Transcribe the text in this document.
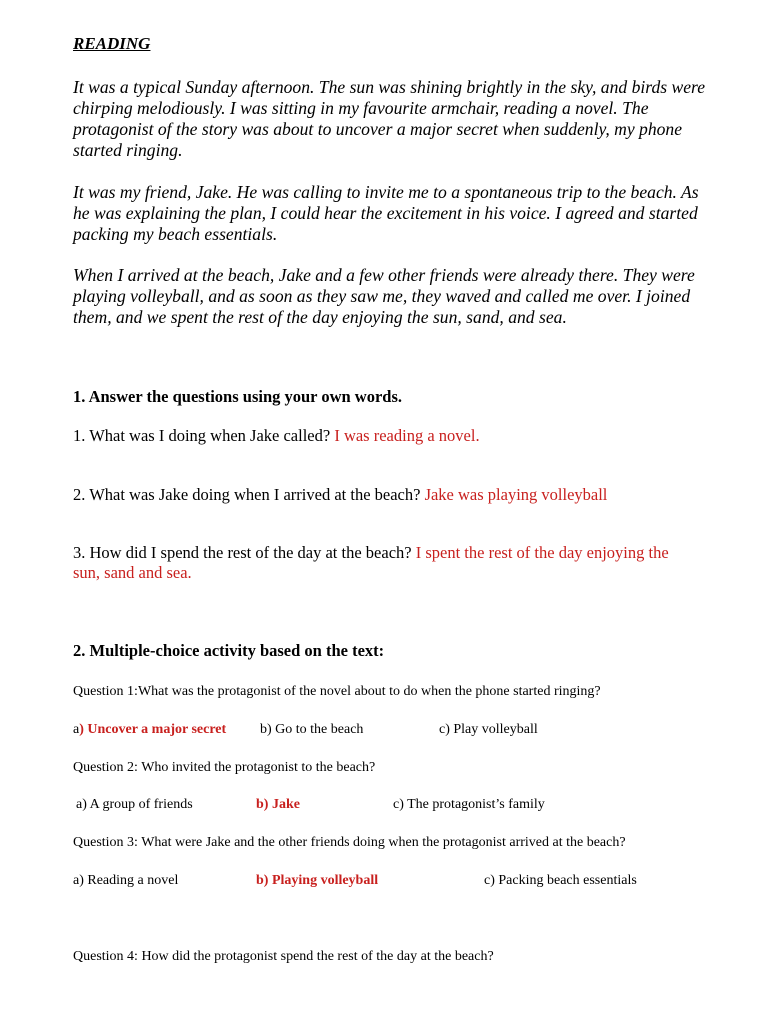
READING

It was a typical Sunday afternoon. The sun was shining brightly in the sky, and birds were chirping melodiously. I was sitting in my favourite armchair, reading a novel. The protagonist of the story was about to uncover a major secret when suddenly, my phone started ringing.

It was my friend, Jake. He was calling to invite me to a spontaneous trip to the beach. As he was explaining the plan, I could hear the excitement in his voice. I agreed and started packing my beach essentials.

When I arrived at the beach, Jake and a few other friends were already there. They were playing volleyball, and as soon as they saw me, they waved and called me over. I joined them, and we spent the rest of the day enjoying the sun, sand, and sea.

1. Answer the questions using your own words.

1. What was I doing when Jake called? I was reading a novel.

2. What was Jake doing when I arrived at the beach? Jake was playing volleyball

3. How did I spend the rest of the day at the beach? I spent the rest of the day enjoying the sun, sand and sea.

2. Multiple-choice activity based on the text:

Question 1:What was the protagonist of the novel about to do when the phone started ringing?

a) Uncover a major secret b) Go to the beach	c) Play volleyball

Question 2: Who invited the protagonist to the beach?

a) A group of friends	b) Jake	c) The protagonist’s family

Question 3: What were Jake and the other friends doing when the protagonist arrived at the beach?

a) Reading a novel	b) Playing volleyball	c) Packing beach essentials

Question 4: How did the protagonist spend the rest of the day at the beach?
